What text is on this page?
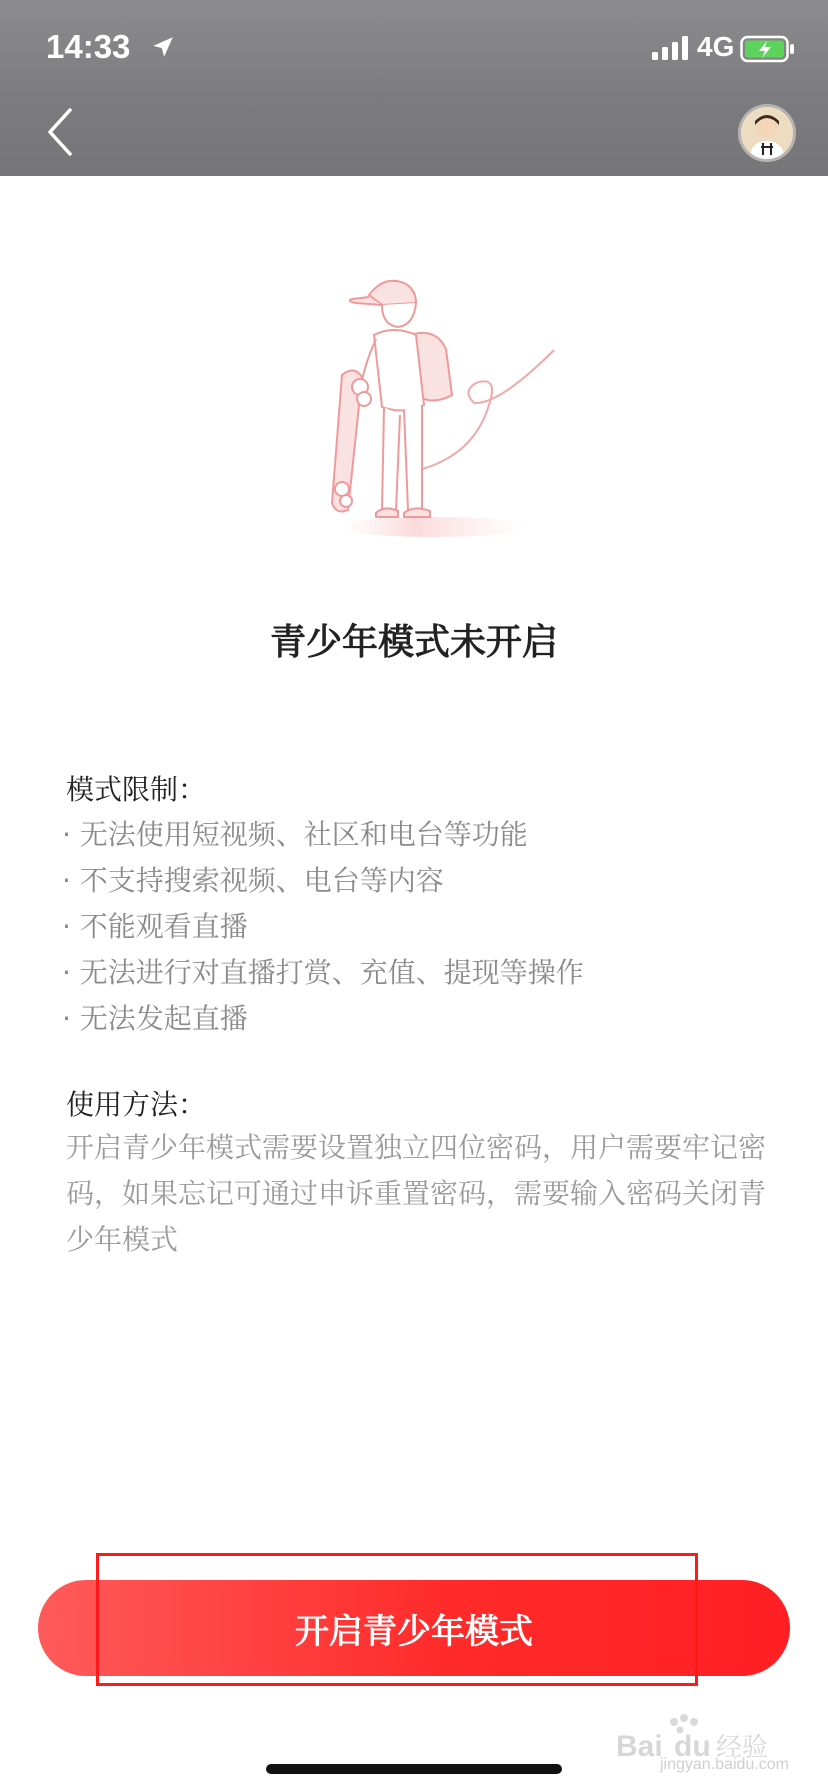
14:33	4G
青少年模式未开启
模式限制：
· 无法使用短视频、社区和电台等功能
· 不支持搜索视频、电台等内容
· 不能观看直播
· 无法进行对直播打赏、充值、提现等操作
· 无法发起直播
使用方法：
开启青少年模式需要设置独立四位密码，用户需要牢记密码，如果忘记可通过申诉重置密码，需要输入密码关闭青少年模式
开启青少年模式
Bai du 经验
jingyan.baidu.com
